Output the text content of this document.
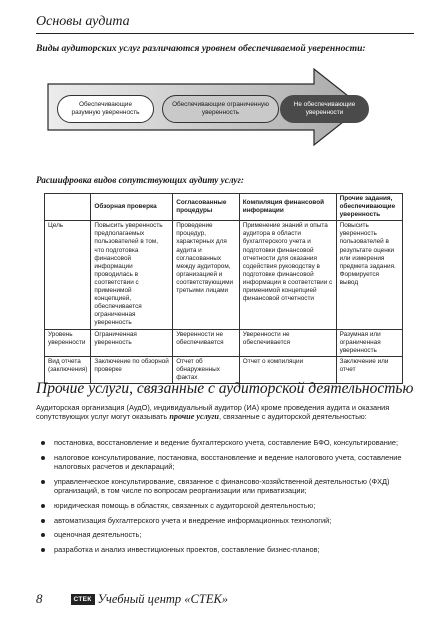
Основы аудита
Виды аудиторских услуг различаются уровнем обеспечиваемой уверенности:
Обеспечивающие разумную уверенность
Обеспечивающие ограниченную уверенность
Не обеспечивающие уверенности
Расшифровка видов сопутствующих аудиту услуг:
	Обзорная проверка	Согласованные процедуры	Компиляция финансовой информации	Прочие задания, обеспечивающие уверенность
Цель	Повысить уверенность предполагаемых пользователей в том, что подготовка финансовой информации проводилась в соответствии с применимой концепцией, обеспечивается ограниченная уверенность	Проведение процедур, характерных для аудита и согласованных между аудитором, организацией и соответствующими третьими лицами	Применение знаний и опыта аудитора в области бухгалтерского учета и подготовки финансовой отчетности для оказания содействия руководству в подготовке финансовой информации в соответствии с применимой концепцией финансовой отчетности	Повысить уверенность пользователей в результате оценки или измерения предмета задания. Формируется вывод
Уровень уверенности	Ограниченная уверенность	Уверенности не обеспечивается	Уверенности не обеспечивается	Разумная или ограниченная уверенность
Вид отчета (заключения)	Заключение по обзорной проверке	Отчет об обнаруженных фактах	Отчет о компиляции	Заключение или отчет
Прочие услуги, связанные с аудиторской деятельностью
Аудиторская организация (АудО), индивидуальный аудитор (ИА) кроме проведения аудита и оказания сопутствующих услуг могут оказывать прочие услуги, связанные с аудиторской деятельностью:
постановка, восстановление и ведение бухгалтерского учета, составление БФО, консультирование;
налоговое консультирование, постановка, восстановление и ведение налогового учета, составление налоговых расчетов и деклараций;
управленческое консультирование, связанное с финансово-хозяйственной деятельностью (ФХД) организаций, в том числе по вопросам реорганизации или приватизации;
юридическая помощь в областях, связанных с аудиторской деятельностью;
автоматизация бухгалтерского учета и внедрение информационных технологий;
оценочная деятельность;
разработка и анализ инвестиционных проектов, составление бизнес-планов;
8	СТЕК Учебный центр «СТЕК»
